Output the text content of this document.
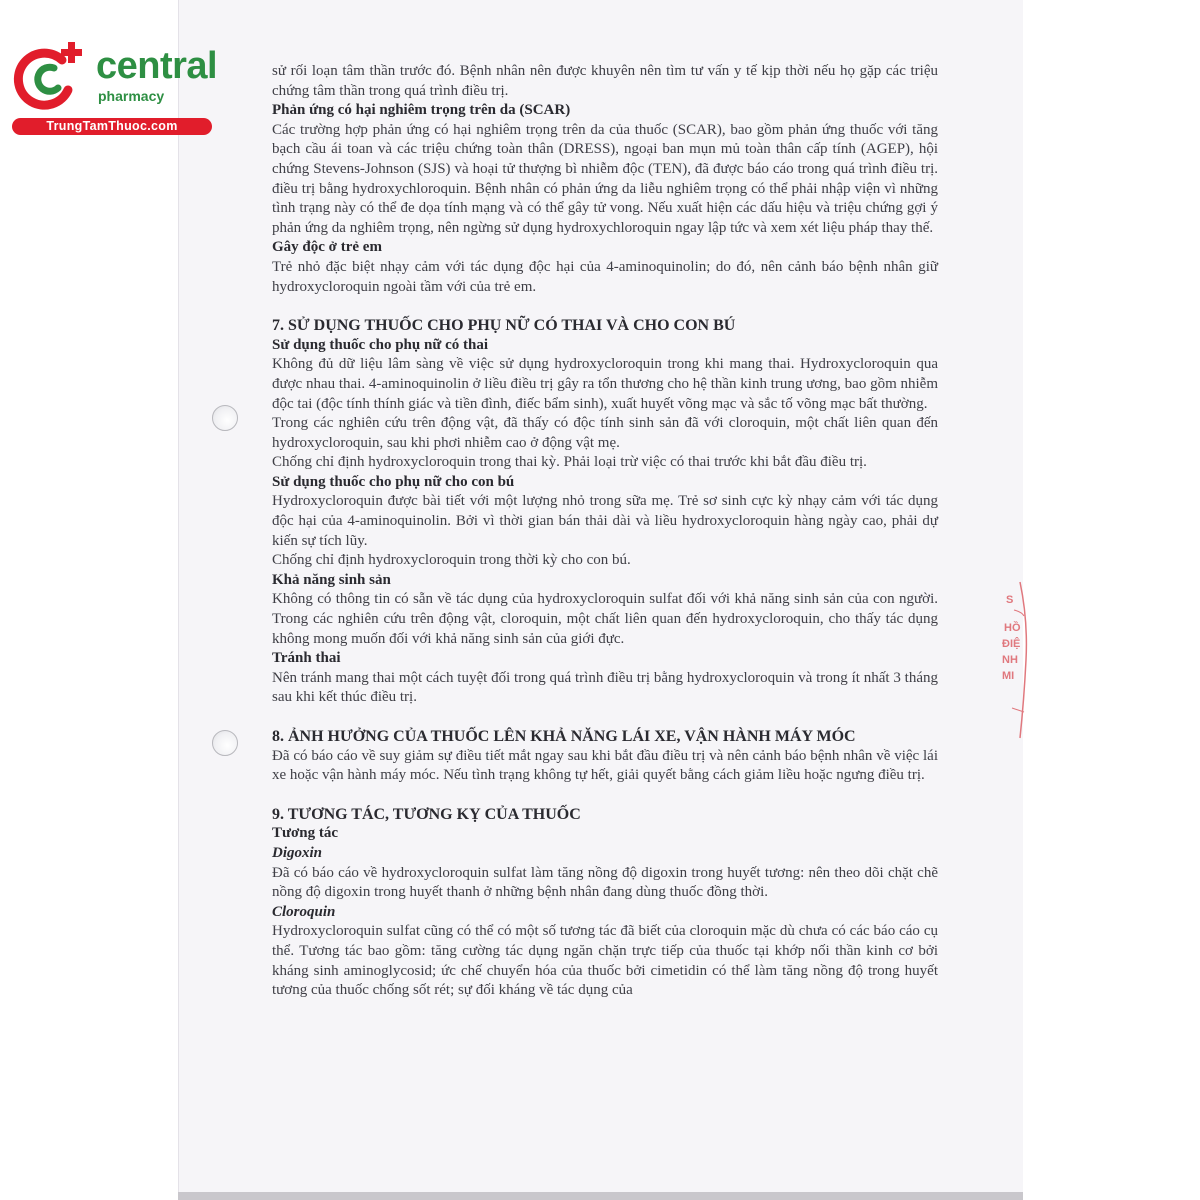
central
pharmacy
TrungTamThuoc.com
S
HỒ
ĐIỆ
NH
MI

sử rối loạn tâm thần trước đó. Bệnh nhân nên được khuyên nên tìm tư vấn y tế kịp thời nếu họ gặp các triệu chứng tâm thần trong quá trình điều trị.

Phản ứng có hại nghiêm trọng trên da (SCAR)

Các trường hợp phản ứng có hại nghiêm trọng trên da của thuốc (SCAR), bao gồm phản ứng thuốc với tăng bạch cầu ái toan và các triệu chứng toàn thân (DRESS), ngoại ban mụn mủ toàn thân cấp tính (AGEP), hội chứng Stevens-Johnson (SJS) và hoại tử thượng bì nhiễm độc (TEN), đã được báo cáo trong quá trình điều trị. điều trị bằng hydroxychloroquin. Bệnh nhân có phản ứng da liễu nghiêm trọng có thể phải nhập viện vì những tình trạng này có thể đe dọa tính mạng và có thể gây tử vong. Nếu xuất hiện các dấu hiệu và triệu chứng gợi ý phản ứng da nghiêm trọng, nên ngừng sử dụng hydroxychloroquin ngay lập tức và xem xét liệu pháp thay thế.

Gây độc ở trẻ em

Trẻ nhỏ đặc biệt nhạy cảm với tác dụng độc hại của 4-aminoquinolin; do đó, nên cảnh báo bệnh nhân giữ hydroxycloroquin ngoài tầm với của trẻ em.

7. SỬ DỤNG THUỐC CHO PHỤ NỮ CÓ THAI VÀ CHO CON BÚ

Sử dụng thuốc cho phụ nữ có thai

Không đủ dữ liệu lâm sàng về việc sử dụng hydroxycloroquin trong khi mang thai. Hydroxycloroquin qua được nhau thai. 4-aminoquinolin ở liều điều trị gây ra tổn thương cho hệ thần kinh trung ương, bao gồm nhiễm độc tai (độc tính thính giác và tiền đình, điếc bẩm sinh), xuất huyết võng mạc và sắc tố võng mạc bất thường.

Trong các nghiên cứu trên động vật, đã thấy có độc tính sinh sản đã với cloroquin, một chất liên quan đến hydroxycloroquin, sau khi phơi nhiễm cao ở động vật mẹ.

Chống chỉ định hydroxycloroquin trong thai kỳ. Phải loại trừ việc có thai trước khi bắt đầu điều trị.

Sử dụng thuốc cho phụ nữ cho con bú

Hydroxycloroquin được bài tiết với một lượng nhỏ trong sữa mẹ. Trẻ sơ sinh cực kỳ nhạy cảm với tác dụng độc hại của 4-aminoquinolin. Bởi vì thời gian bán thải dài và liều hydroxycloroquin hàng ngày cao, phải dự kiến sự tích lũy.

Chống chỉ định hydroxycloroquin trong thời kỳ cho con bú.

Khả năng sinh sản

Không có thông tin có sẵn về tác dụng của hydroxycloroquin sulfat đối với khả năng sinh sản của con người. Trong các nghiên cứu trên động vật, cloroquin, một chất liên quan đến hydroxycloroquin, cho thấy tác dụng không mong muốn đối với khả năng sinh sản của giới đực.

Tránh thai

Nên tránh mang thai một cách tuyệt đối trong quá trình điều trị bằng hydroxycloroquin và trong ít nhất 3 tháng sau khi kết thúc điều trị.

8. ẢNH HƯỞNG CỦA THUỐC LÊN KHẢ NĂNG LÁI XE, VẬN HÀNH MÁY MÓC

Đã có báo cáo về suy giảm sự điều tiết mắt ngay sau khi bắt đầu điều trị và nên cảnh báo bệnh nhân về việc lái xe hoặc vận hành máy móc. Nếu tình trạng không tự hết, giải quyết bằng cách giảm liều hoặc ngưng điều trị.

9. TƯƠNG TÁC, TƯƠNG KỴ CỦA THUỐC

Tương tác

Digoxin

Đã có báo cáo về hydroxycloroquin sulfat làm tăng nồng độ digoxin trong huyết tương: nên theo dõi chặt chẽ nồng độ digoxin trong huyết thanh ở những bệnh nhân đang dùng thuốc đồng thời.

Cloroquin

Hydroxycloroquin sulfat cũng có thể có một số tương tác đã biết của cloroquin mặc dù chưa có các báo cáo cụ thể. Tương tác bao gồm: tăng cường tác dụng ngăn chặn trực tiếp của thuốc tại khớp nối thần kinh cơ bởi kháng sinh aminoglycosid; ức chế chuyển hóa của thuốc bởi cimetidin có thể làm tăng nồng độ trong huyết tương của thuốc chống sốt rét; sự đối kháng về tác dụng của
